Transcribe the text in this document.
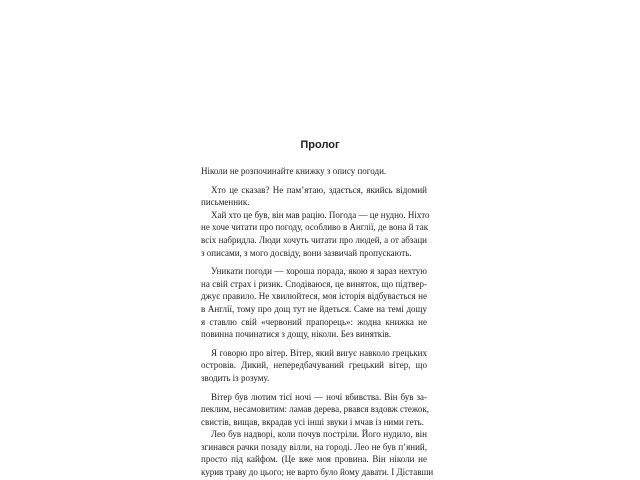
Пролог
Ніколи не розпочинайте книжку з опису погоди.
Хто це сказав? Не пам’ятаю, здається, якийсь відомий
письменник.
Хай хто це був, він мав рацію. Погода — це нудно. Ніхто
не хоче читати про погоду, особливо в Англії, де вона й так
всіх набридла. Люди хочуть читати про людей, а от абзаци
з описами, з мого досвіду, вони зазвичай пропускають.
Уникати погоди — хороша порада, якою я зараз нехтую
на свій страх і ризик. Сподіваюся, це виняток, що підтвер-
джує правило. Не хвилюйтеся, моя історія відбувається не
в Англії, тому про дощ тут не йдеться. Саме на темі дощу
я ставлю свій «червоний прапорець»: жодна книжка не
повинна починатися з дощу, ніколи. Без винятків.
Я говорю про вітер. Вітер, який виrує навколо грецьких
островів. Дикий, непередбачуваний грецький вітер, що
зводить із розуму.
Вітер був лютим тієї ночі — ночі вбивства. Він був за-
пеклим, несамовитим: ламав дерева, рвався вздовж стежок,
свистів, вищав, вкрадав усі інші звуки і мчав із ними геть.
Лео був надворі, коли почув постріли. Його нудило, він
згинався рачки позаду вілли, на городі. Лео не був п’яний,
просто під кайфом. (Це вже моя провина. Він ніколи не
курив траву до цього; не варто було йому давати. І Діставши
